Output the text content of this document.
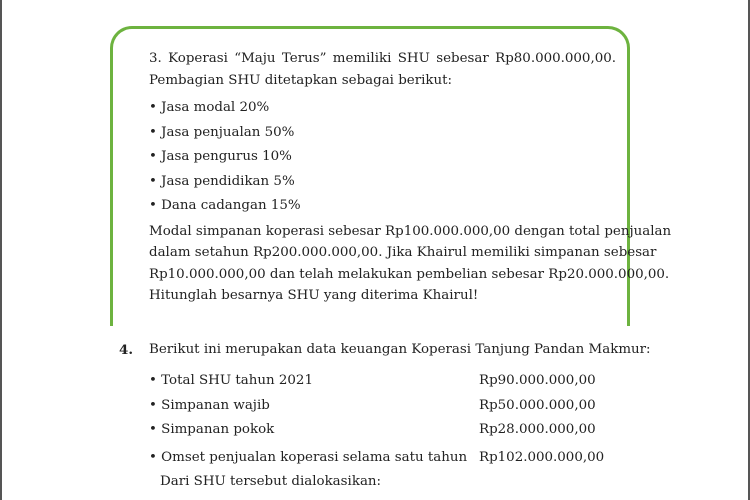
3. Koperasi “Maju Terus” memiliki SHU sebesar Rp80.000.000,00.
Pembagian SHU ditetapkan sebagai berikut:
• Jasa modal 20%
• Jasa penjualan 50%
• Jasa pengurus 10%
• Jasa pendidikan 5%
• Dana cadangan 15%
Modal simpanan koperasi sebesar Rp100.000.000,00 dengan total penjualan
dalam setahun Rp200.000.000,00. Jika Khairul memiliki simpanan sebesar
Rp10.000.000,00 dan telah melakukan pembelian sebesar Rp20.000.000,00.
Hitunglah besarnya SHU yang diterima Khairul!
4. Berikut ini merupakan data keuangan Koperasi Tanjung Pandan Makmur:
• Total SHU tahun 2021	Rp90.000.000,00
• Simpanan wajib	Rp50.000.000,00
• Simpanan pokok	Rp28.000.000,00
• Omset penjualan koperasi selama satu tahun Rp102.000.000,00
Dari SHU tersebut dialokasikan:
